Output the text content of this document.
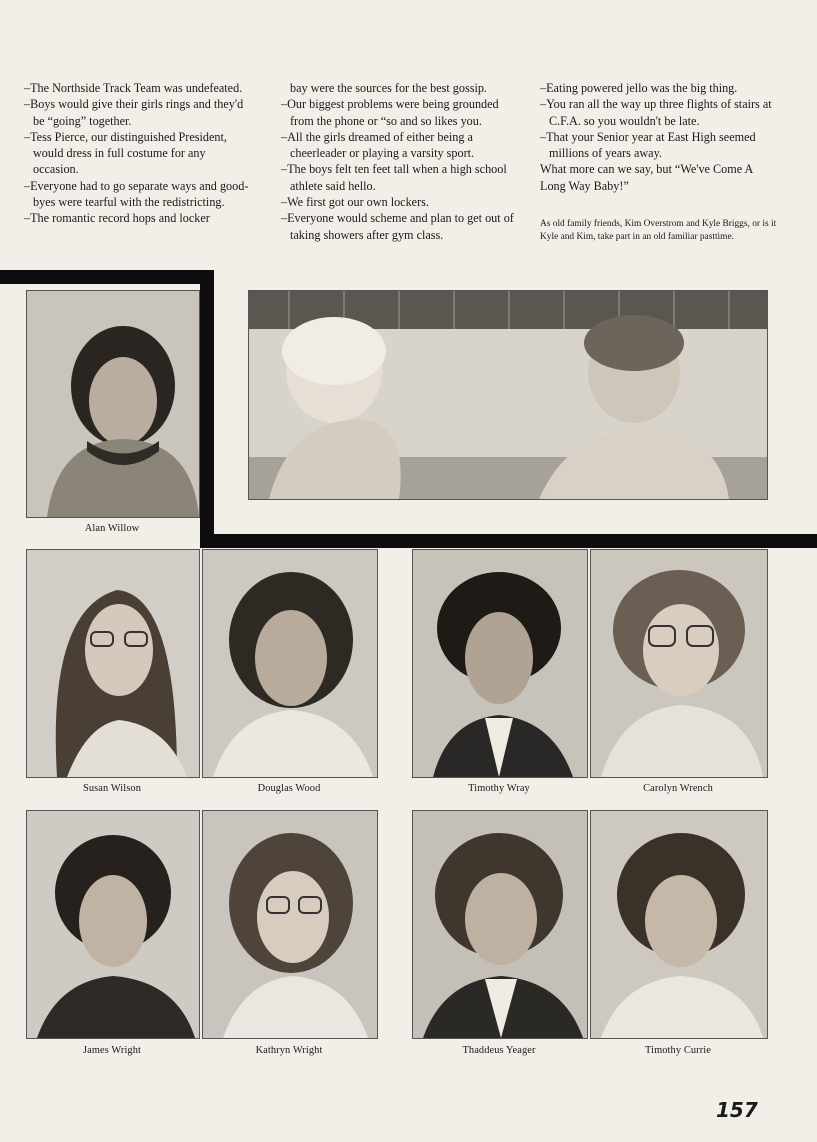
–The Northside Track Team was undefeated.

–Boys would give their girls rings and they'd be “going” together.

–Tess Pierce, our distinguished President, would dress in full costume for any occasion.

–Everyone had to go separate ways and good-byes were tearful with the redistricting.

–The romantic record hops and locker

bay were the sources for the best gossip.

–Our biggest problems were being grounded from the phone or “so and so likes you.

–All the girls dreamed of either being a cheerleader or playing a varsity sport.

–The boys felt ten feet tall when a high school athlete said hello.

–We first got our own lockers.

–Everyone would scheme and plan to get out of taking showers after gym class.

–Eating powered jello was the big thing.

–You ran all the way up three flights of stairs at C.F.A. so you wouldn't be late.

–That your Senior year at East High seemed millions of years away.

What more can we say, but “We've Come A Long Way Baby!”

As old family friends, Kim Overstrom and Kyle Briggs, or is it Kyle and Kim, take part in an old familiar pasttime.
Alan Willow
Susan Wilson	Douglas Wood	Timothy Wray	Carolyn Wrench
James Wright	Kathryn Wright	Thaddeus Yeager	Timothy Currie
157
